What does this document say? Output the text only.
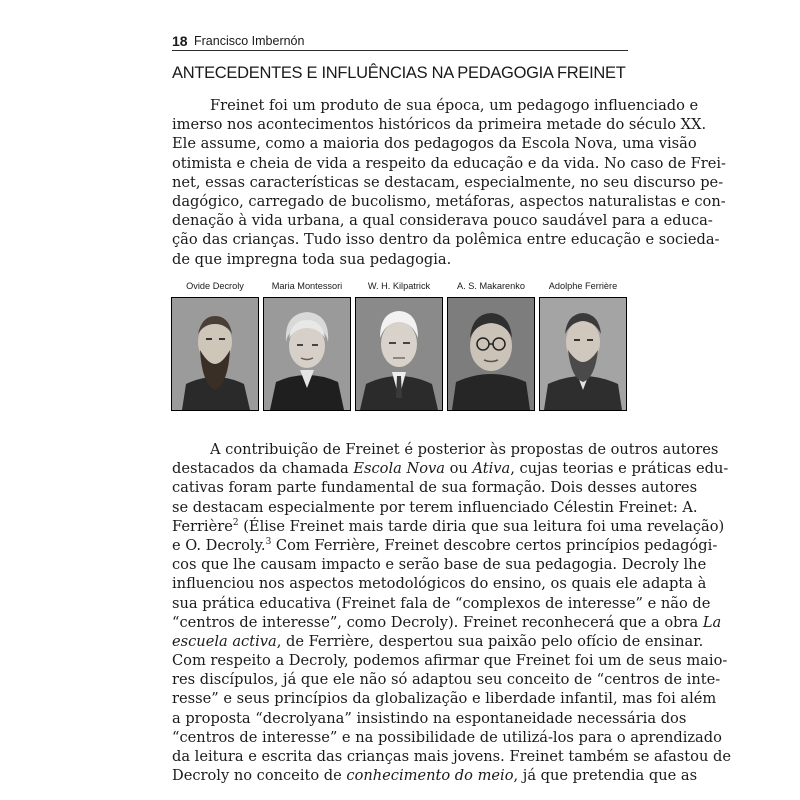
18 Francisco Imbernón
ANTECEDENTES E INFLUÊNCIAS NA PEDAGOGIA FREINET
Freinet foi um produto de sua época, um pedagogo influenciado e
imerso nos acontecimentos históricos da primeira metade do século XX.
Ele assume, como a maioria dos pedagogos da Escola Nova, uma visão
otimista e cheia de vida a respeito da educação e da vida. No caso de Frei-
net, essas características se destacam, especialmente, no seu discurso pe-
dagógico, carregado de bucolismo, metáforas, aspectos naturalistas e con-
denação à vida urbana, a qual considerava pouco saudável para a educa-
ção das crianças. Tudo isso dentro da polêmica entre educação e socieda-
de que impregna toda sua pedagogia.
Ovide Decroly	Maria Montessori	W. H. Kilpatrick	A. S. Makarenko	Adolphe Ferrière
A contribuição de Freinet é posterior às propostas de outros autores
destacados da chamada Escola Nova ou Ativa, cujas teorias e práticas edu-
cativas foram parte fundamental de sua formação. Dois desses autores
se destacam especialmente por terem influenciado Célestin Freinet: A.
Ferrière$^2$ (Élise Freinet mais tarde diria que sua leitura foi uma revelação)
e O. Decroly.$^3$ Com Ferrière, Freinet descobre certos princípios pedagógi-
cos que lhe causam impacto e serão base de sua pedagogia. Decroly lhe
influenciou nos aspectos metodológicos do ensino, os quais ele adapta à
sua prática educativa (Freinet fala de “complexos de interesse” e não de
“centros de interesse”, como Decroly). Freinet reconhecerá que a obra La
escuela activa, de Ferrière, despertou sua paixão pelo ofício de ensinar.
Com respeito a Decroly, podemos afirmar que Freinet foi um de seus maio-
res discípulos, já que ele não só adaptou seu conceito de “centros de inte-
resse” e seus princípios da globalização e liberdade infantil, mas foi além
a proposta “decrolyana” insistindo na espontaneidade necessária dos
“centros de interesse” e na possibilidade de utilizá-los para o aprendizado
da leitura e escrita das crianças mais jovens. Freinet também se afastou de
Decroly no conceito de conhecimento do meio, já que pretendia que as
